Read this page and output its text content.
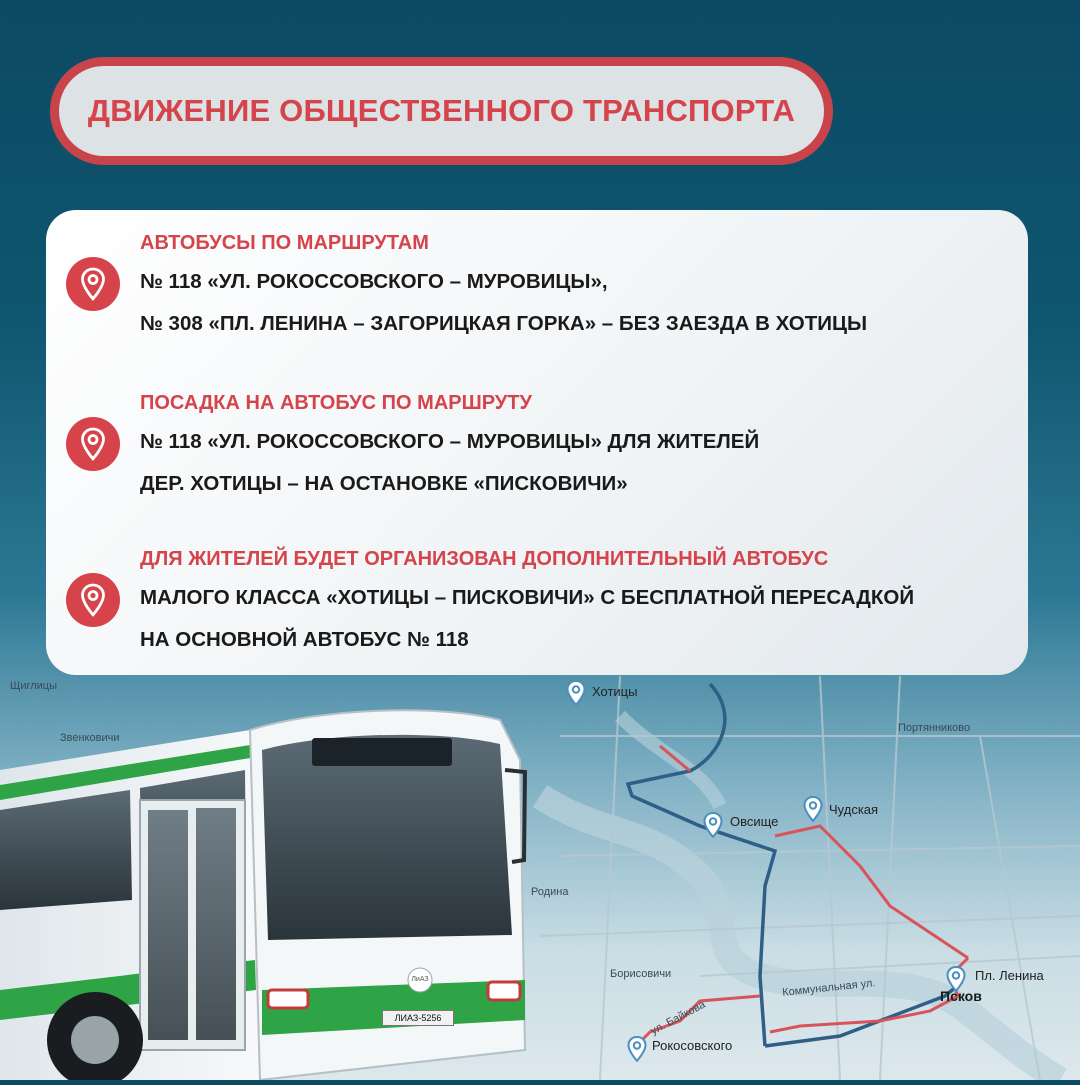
ДВИЖЕНИЕ ОБЩЕСТВЕННОГО ТРАНСПОРТА

АВТОБУСЫ ПО МАРШРУТАМ

№ 118 «УЛ. РОКОССОВСКОГО – МУРОВИЦЫ»,

№ 308 «ПЛ. ЛЕНИНА – ЗАГОРИЦКАЯ ГОРКА» – БЕЗ ЗАЕЗДА В ХОТИЦЫ

ПОСАДКА НА АВТОБУС ПО МАРШРУТУ

№ 118 «УЛ. РОКОССОВСКОГО – МУРОВИЦЫ» ДЛЯ ЖИТЕЛЕЙ

ДЕР. ХОТИЦЫ – НА ОСТАНОВКЕ «ПИСКОВИЧИ»

ДЛЯ ЖИТЕЛЕЙ БУДЕТ ОРГАНИЗОВАН ДОПОЛНИТЕЛЬНЫЙ АВТОБУС

МАЛОГО КЛАССА «ХОТИЦЫ – ПИСКОВИЧИ» С БЕСПЛАТНОЙ ПЕРЕСАДКОЙ

НА ОСНОВНОЙ АВТОБУС № 118

Хотицы
Овсище
Чудская
Пл. Ленина
Псков
Рокосовского
Борисовичи
Родина
Портянниково
Щиглицы
Звенковичи
Коммунальная ул.
ул. Байкова
ЛИАЗ-5256
ЛиАЗ
